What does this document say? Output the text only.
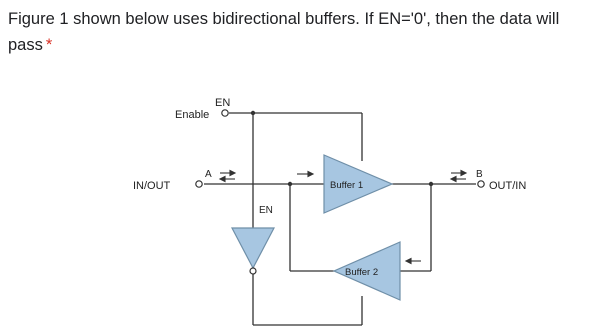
Figure 1 shown below uses bidirectional buffers. If EN='0', then the data will pass *
EN
Enable
A
IN/OUT
B
OUT/IN
Buffer 1
Buffer 2
EN
